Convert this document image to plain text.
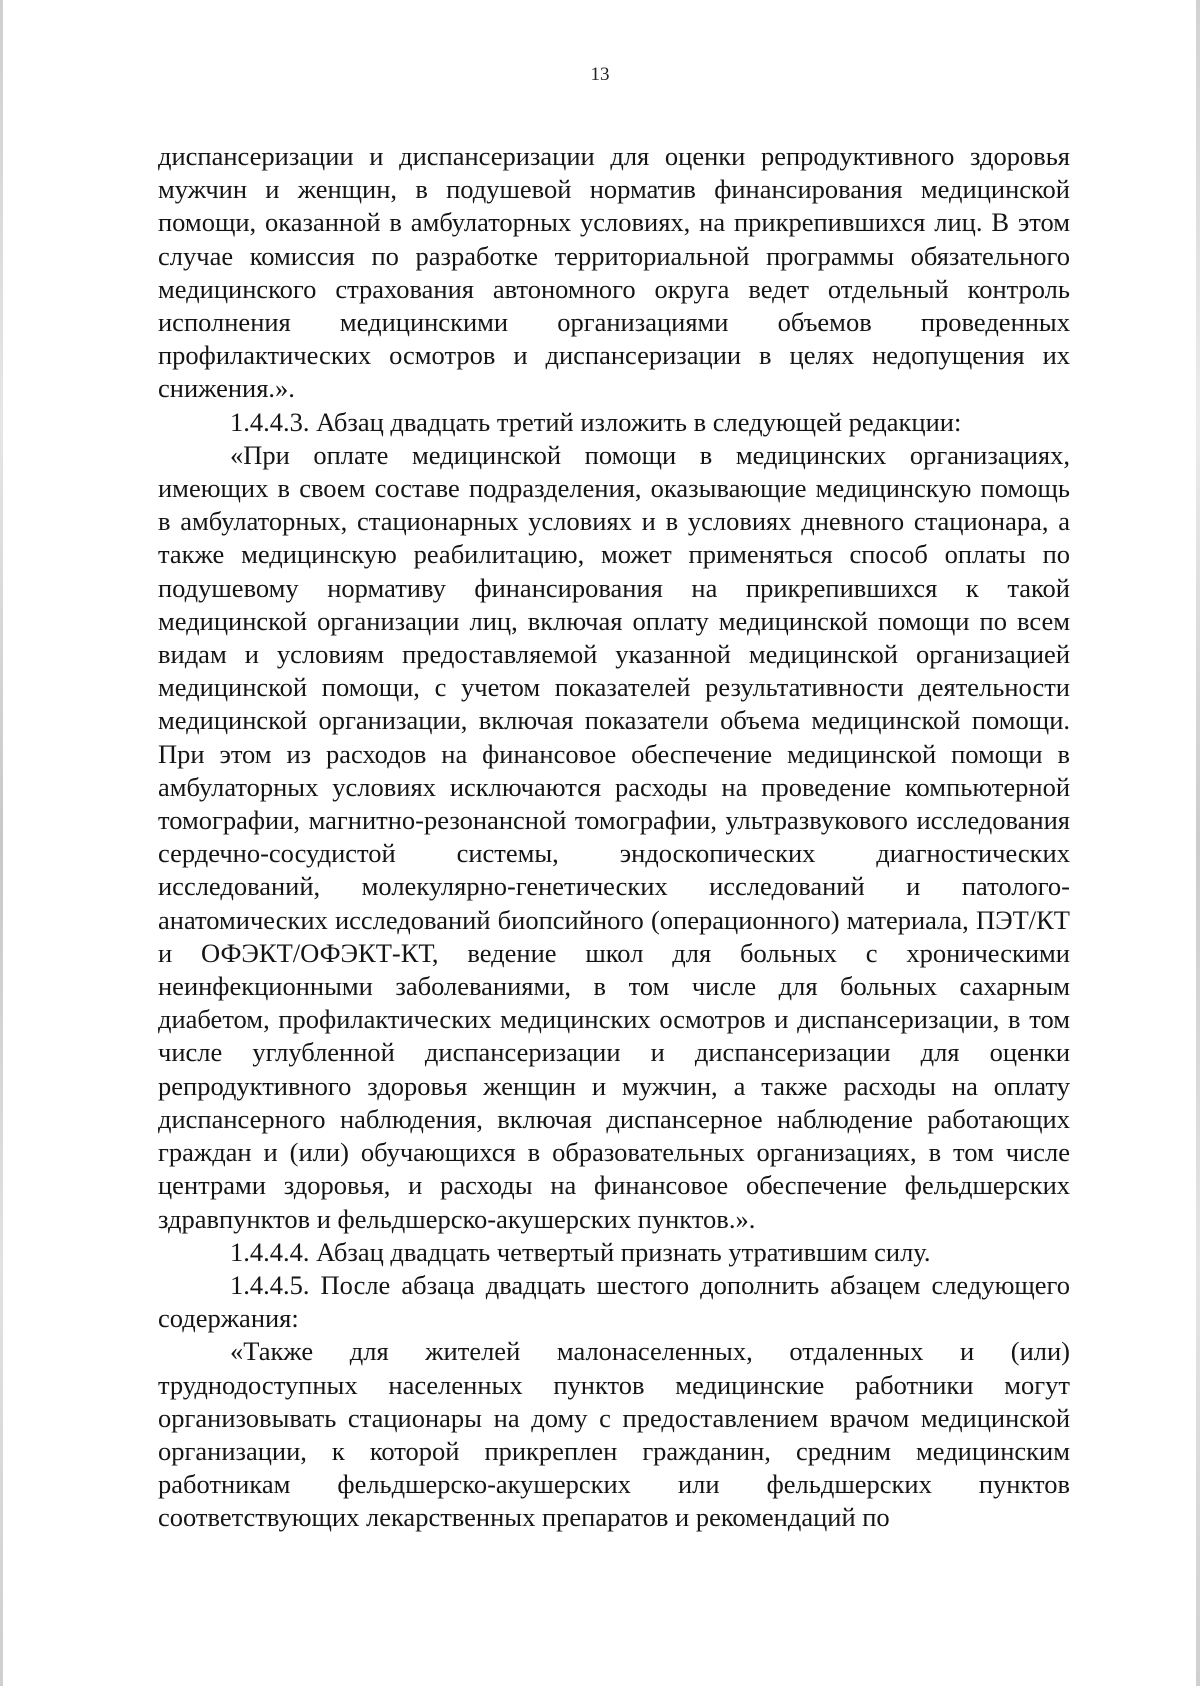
13

диспансеризации и диспансеризации для оценки репродуктивного здоровья мужчин и женщин, в подушевой норматив финансирования медицинской помощи, оказанной в амбулаторных условиях, на прикрепившихся лиц. В этом случае комиссия по разработке территориальной программы обязательного медицинского страхования автономного округа ведет отдельный контроль исполнения медицинскими организациями объемов проведенных профилактических осмотров и диспансеризации в целях недопущения их снижения.».

1.4.4.3. Абзац двадцать третий изложить в следующей редакции:

«При оплате медицинской помощи в медицинских организациях, имеющих в своем составе подразделения, оказывающие медицинскую помощь в амбулаторных, стационарных условиях и в условиях дневного стационара, а также медицинскую реабилитацию, может применяться способ оплаты по подушевому нормативу финансирования на прикрепившихся к такой медицинской организации лиц, включая оплату медицинской помощи по всем видам и условиям предоставляемой указанной медицинской организацией медицинской помощи, с учетом показателей результативности деятельности медицинской организации, включая показатели объема медицинской помощи. При этом из расходов на финансовое обеспечение медицинской помощи в амбулаторных условиях исключаются расходы на проведение компьютерной томографии, магнитно-резонансной томографии, ультразвукового исследования сердечно-сосудистой системы, эндоскопических диагностических исследований, молекулярно-генетических исследований и патолого-анатомических исследований биопсийного (операционного) материала, ПЭТ/КТ и ОФЭКТ/ОФЭКТ-КТ, ведение школ для больных с хроническими неинфекционными заболеваниями, в том числе для больных сахарным диабетом, профилактических медицинских осмотров и диспансеризации, в том числе углубленной диспансеризации и диспансеризации для оценки репродуктивного здоровья женщин и мужчин, а также расходы на оплату диспансерного наблюдения, включая диспансерное наблюдение работающих граждан и (или) обучающихся в образовательных организациях, в том числе центрами здоровья, и расходы на финансовое обеспечение фельдшерских здравпунктов и фельдшерско-акушерских пунктов.».

1.4.4.4. Абзац двадцать четвертый признать утратившим силу.

1.4.4.5. После абзаца двадцать шестого дополнить абзацем следующего содержания:

«Также для жителей малонаселенных, отдаленных и (или) труднодоступных населенных пунктов медицинские работники могут организовывать стационары на дому с предоставлением врачом медицинской организации, к которой прикреплен гражданин, средним медицинским работникам фельдшерско-акушерских или фельдшерских пунктов соответствующих лекарственных препаратов и рекомендаций по
